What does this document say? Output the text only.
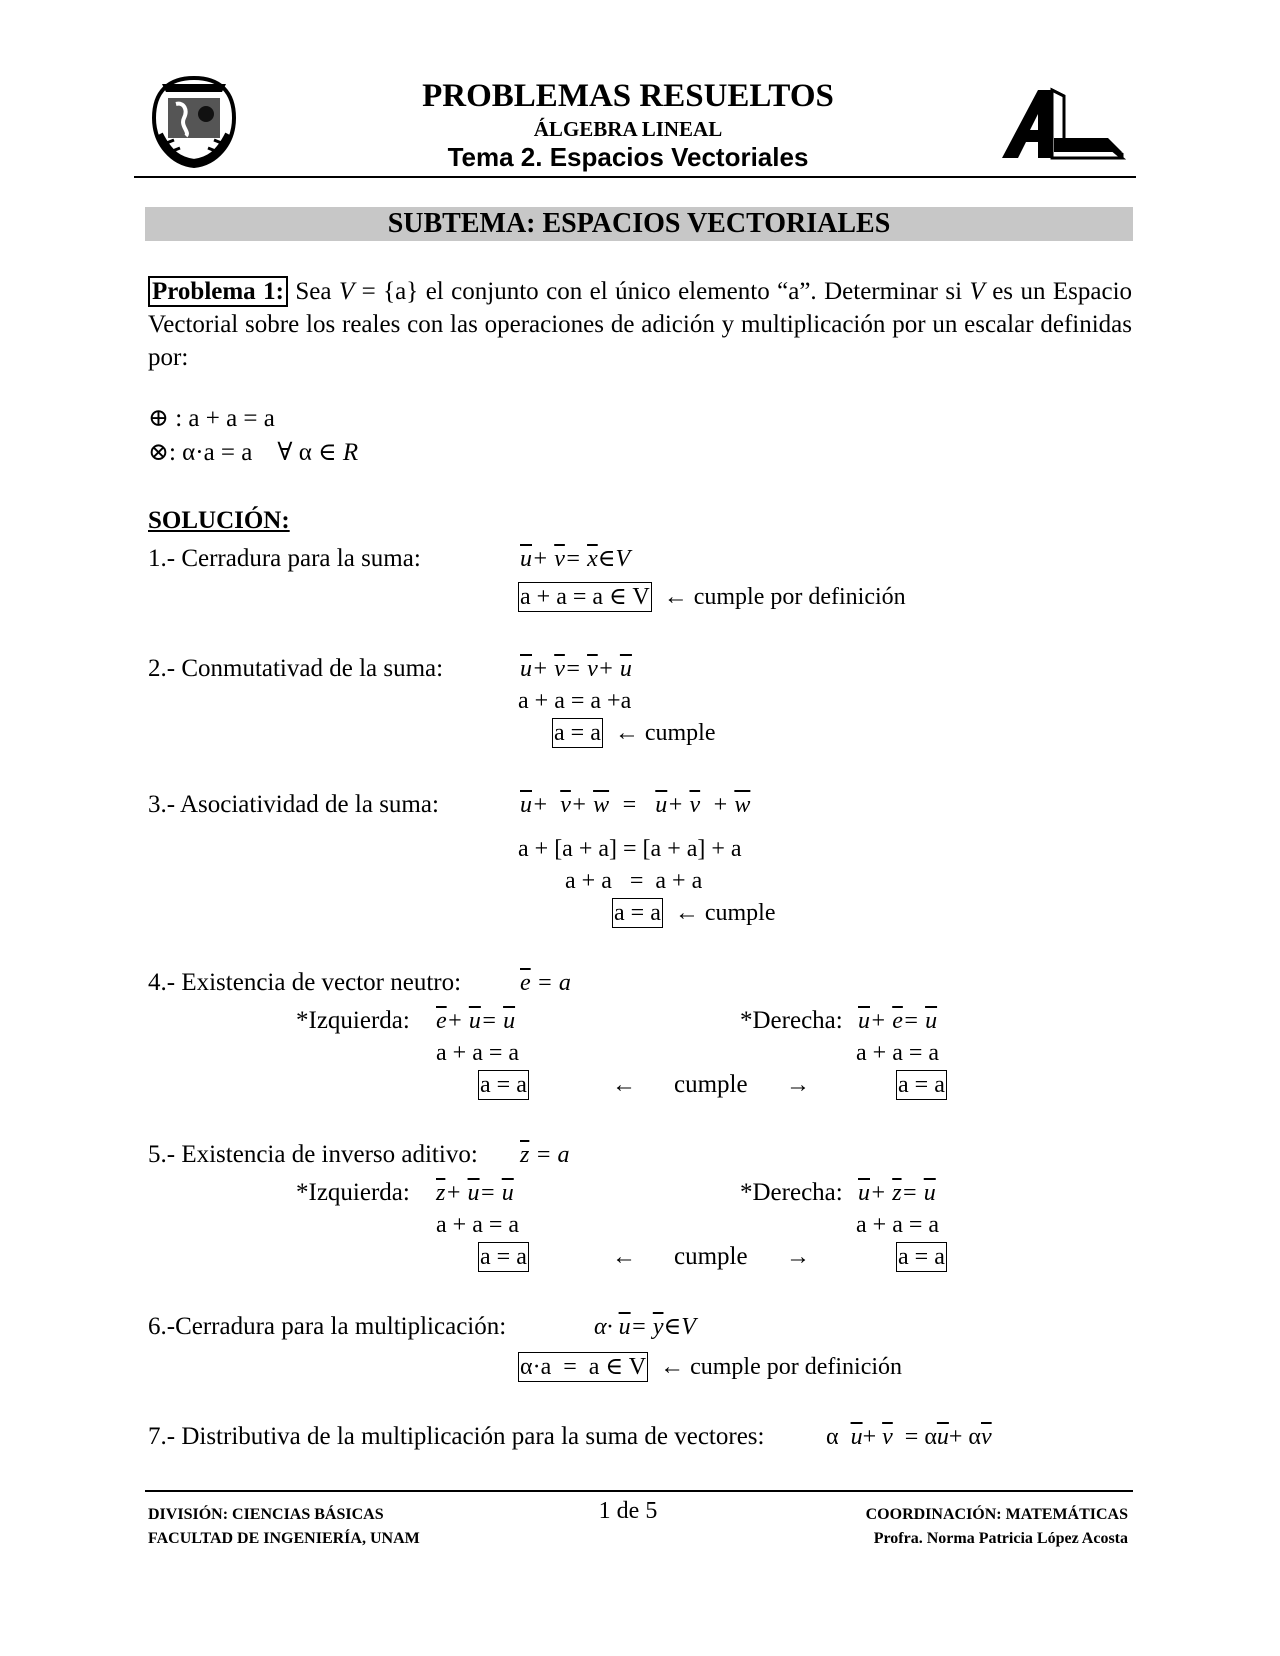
PROBLEMAS RESUELTOS
ÁLGEBRA LINEAL
Tema 2. Espacios Vectoriales
SUBTEMA: ESPACIOS VECTORIALES
Problema 1: Sea V = {a} el conjunto con el único elemento “a”. Determinar si V es un Espacio Vectorial sobre los reales con las operaciones de adición y multiplicación por un escalar definidas por:
⊕ : a + a = a
⊗: α·a = a ∀ α ∈ R
SOLUCIÓN:
1.- Cerradura para la suma:	$\overline{u}+ \overline{v}=$ $\overline{x}\in V$
a + a = a ∈ V ← cumple por definición
2.- Conmutativad de la suma:	$\overline{u}+ \overline{v}= \overline{v}+ \overline{u}$
a + a = a +a
a = a ← cumple
3.- Asociatividad de la suma:	$\overline{u}+ \overline{v}+ \overline{w} = \overline{u}+ \overline{v} + \overline{w}$
a + [a + a] = [a + a] + a
a + a   =  a + a
a = a ← cumple
4.- Existencia de vector neutro: $\overline{e} = a$
*Izquierda: $\overline{e}+ \overline{u}= \overline{u}$	*Derecha: $\overline{u}+ \overline{e}= \overline{u}$
a + a = a	a + a = a
a = a	← cumple →	a = a
5.- Existencia de inverso aditivo: $\overline{z} = a$
*Izquierda: $\overline{z}+ \overline{u}= \overline{u}$	*Derecha: $\overline{u}+ \overline{z}= \overline{u}$
a + a = a	a + a = a
a = a	← cumple →	a = a
6.-Cerradura para la multiplicación:	$\alpha\cdot \overline{u}=$ $\overline{y}\in V$
α·a  =  a ∈ V ← cumple por definición
7.- Distributiva de la multiplicación para la suma de vectores:	α $\overline{u}+ \overline{v} = \alpha\overline{u}+ \alpha\overline{v}$
DIVISIÓN: CIENCIAS BÁSICAS
FACULTAD DE INGENIERÍA, UNAM
1 de 5	COORDINACIÓN: MATEMÁTICAS
Profra. Norma Patricia López Acosta
